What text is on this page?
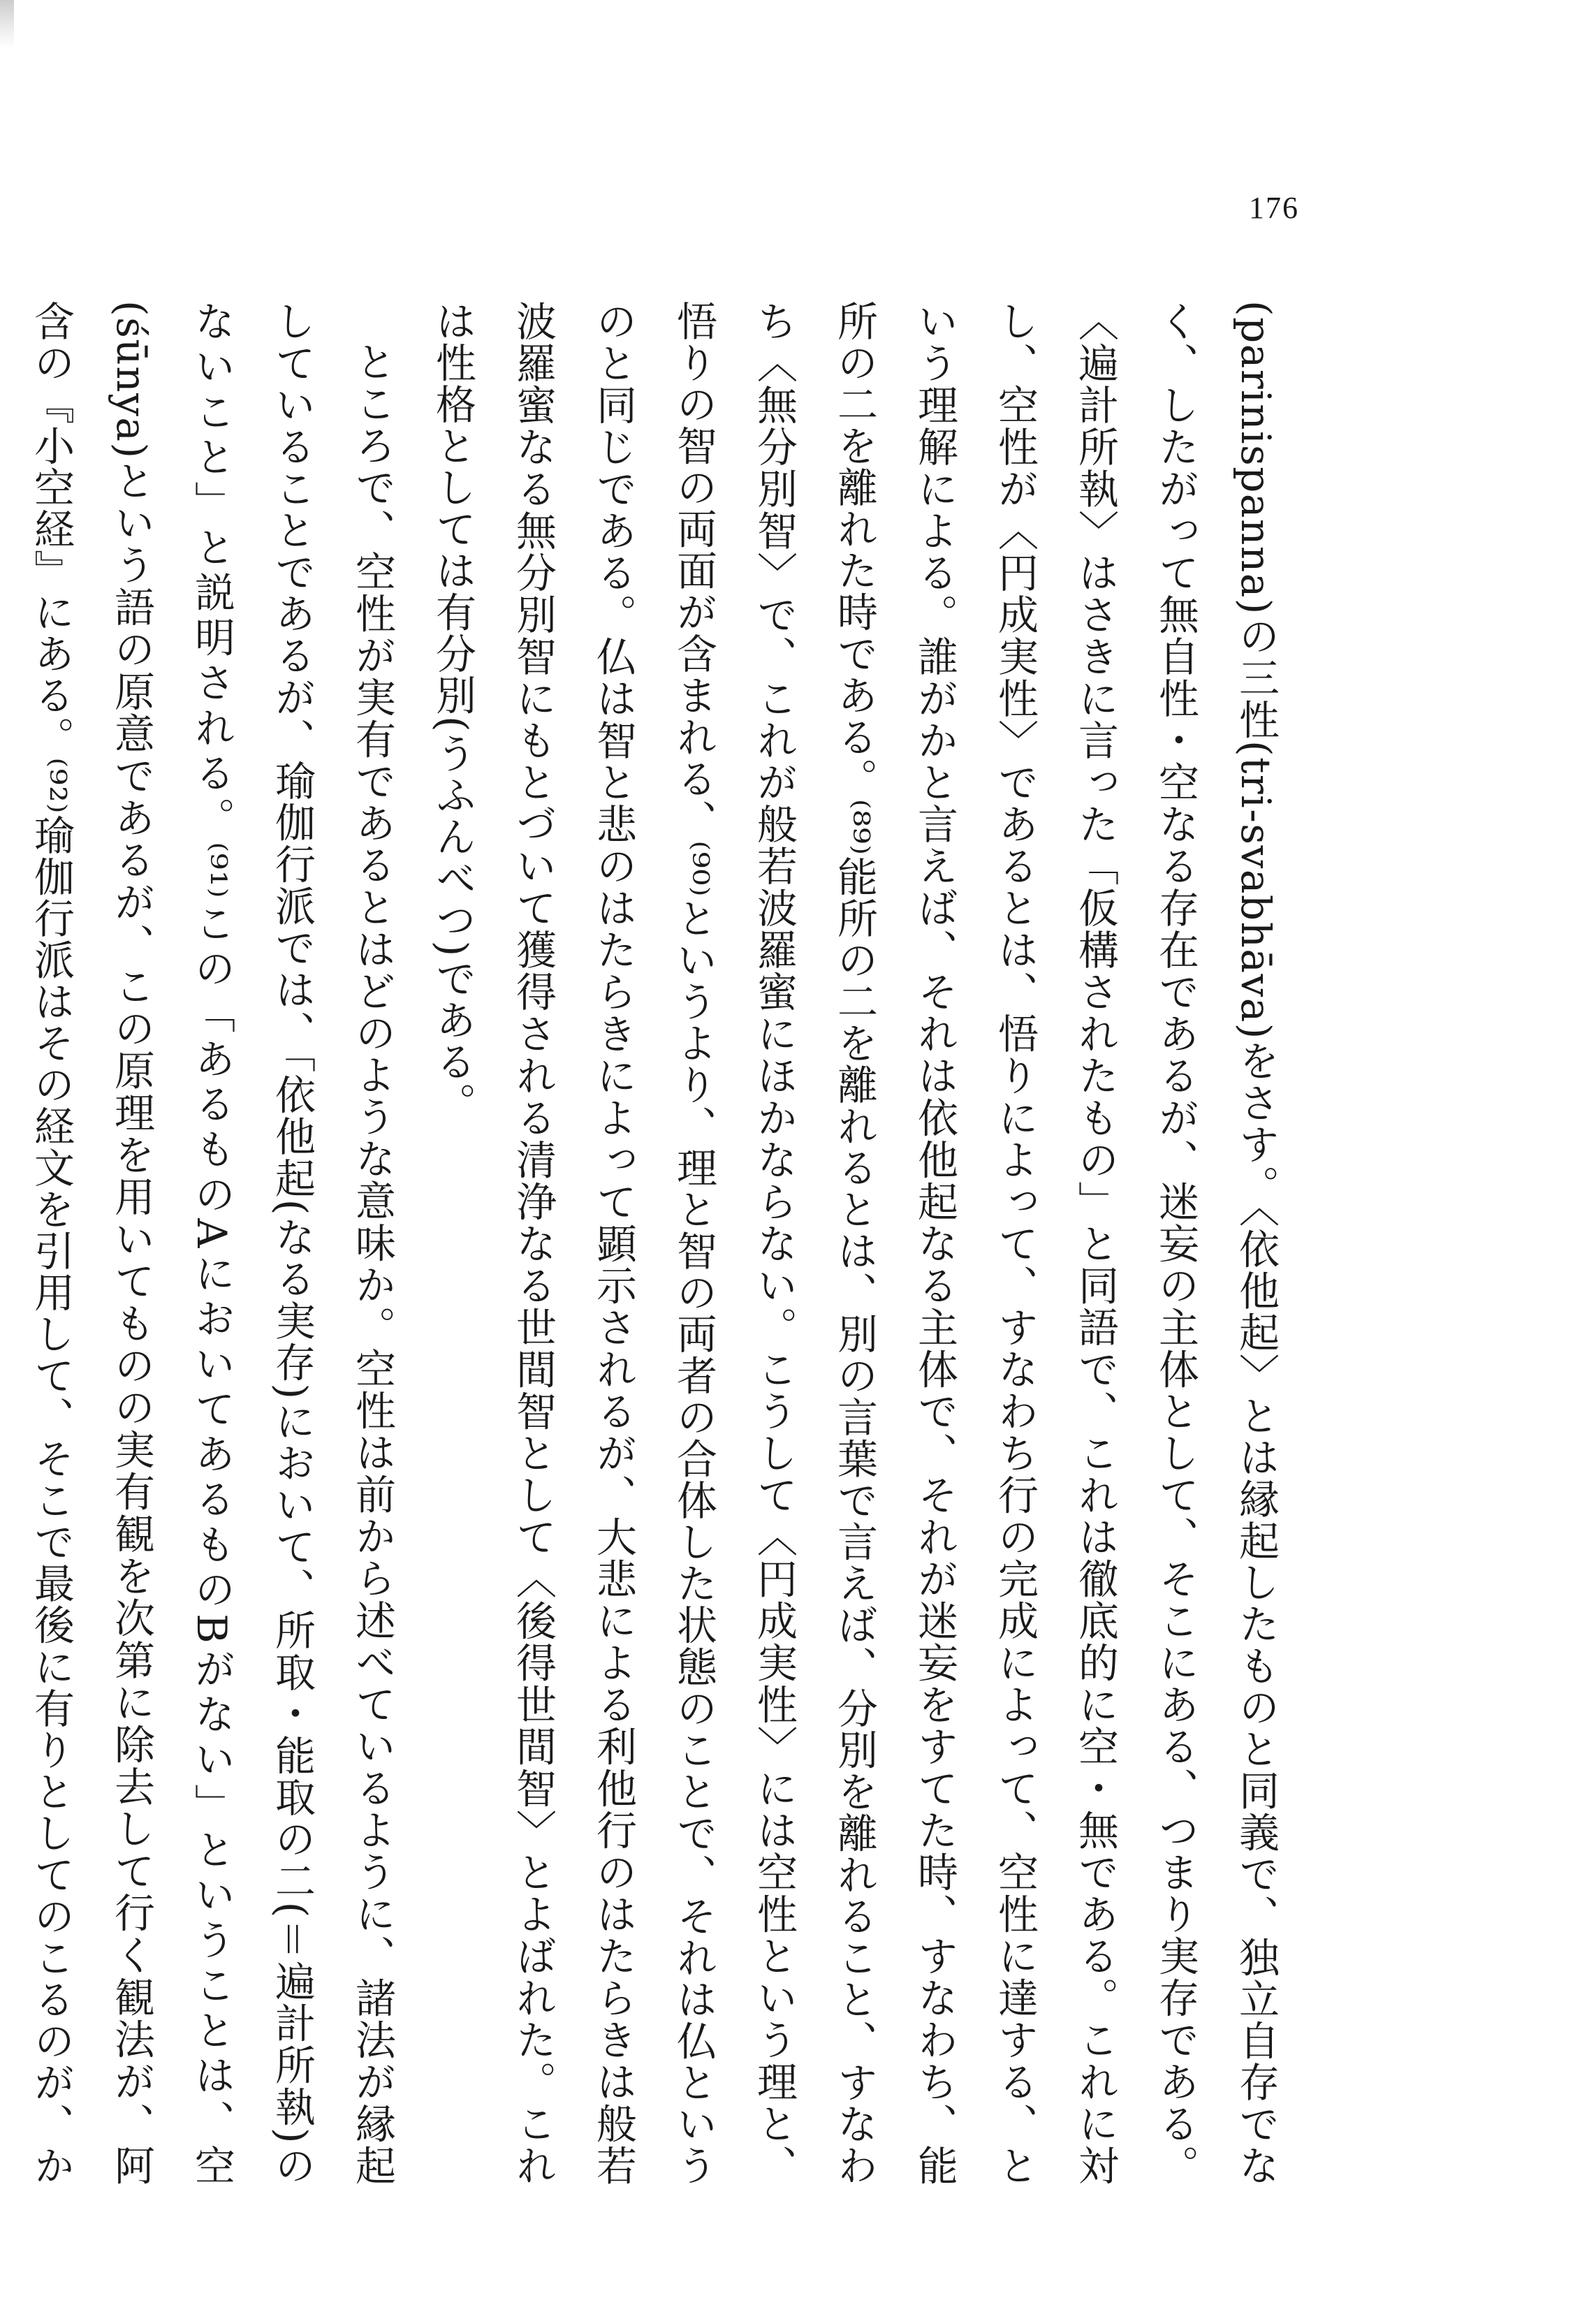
176

(parinispanna)の三性(tri-svabhāva)をさす。〈依他起〉とは縁起したものと同義で、独立自存でなく、したがって無自性・空なる存在であるが、迷妄の主体として、そこにある、つまり実存である。〈遍計所執〉はさきに言った「仮構されたもの」と同語で、これは徹底的に空・無である。これに対し、空性が〈円成実性〉であるとは、悟りによって、すなわち行の完成によって、空性に達する、という理解による。誰がかと言えば、それは依他起なる主体で、それが迷妄をすてた時、すなわち、能所の二を離れた時である。⁽⁸⁹⁾能所の二を離れるとは、別の言葉で言えば、分別を離れること、すなわち〈無分別智〉で、これが般若波羅蜜にほかならない。こうして〈円成実性〉には空性という理と、悟りの智の両面が含まれる、⁽⁹⁰⁾というより、理と智の両者の合体した状態のことで、それは仏というのと同じである。仏は智と悲のはたらきによって顕示されるが、大悲による利他行のはたらきは般若波羅蜜なる無分別智にもとづいて獲得される清浄なる世間智として〈後得世間智〉とよばれた。これは性格としては有分別(うふんべつ)である。

ところで、空性が実有であるとはどのような意味か。空性は前から述べているように、諸法が縁起していることであるが、瑜伽行派では、「依他起(なる実存)において、所取・能取の二(＝遍計所執)のないこと」と説明される。⁽⁹¹⁾この「あるものAにおいてあるものBがない」ということは、空(śūnya)という語の原意であるが、この原理を用いてものの実有観を次第に除去して行く観法が、阿含の『小空経』にある。⁽⁹²⁾瑜伽行派はその経文を引用して、そこで最後に有りとしてのこるのが、か
